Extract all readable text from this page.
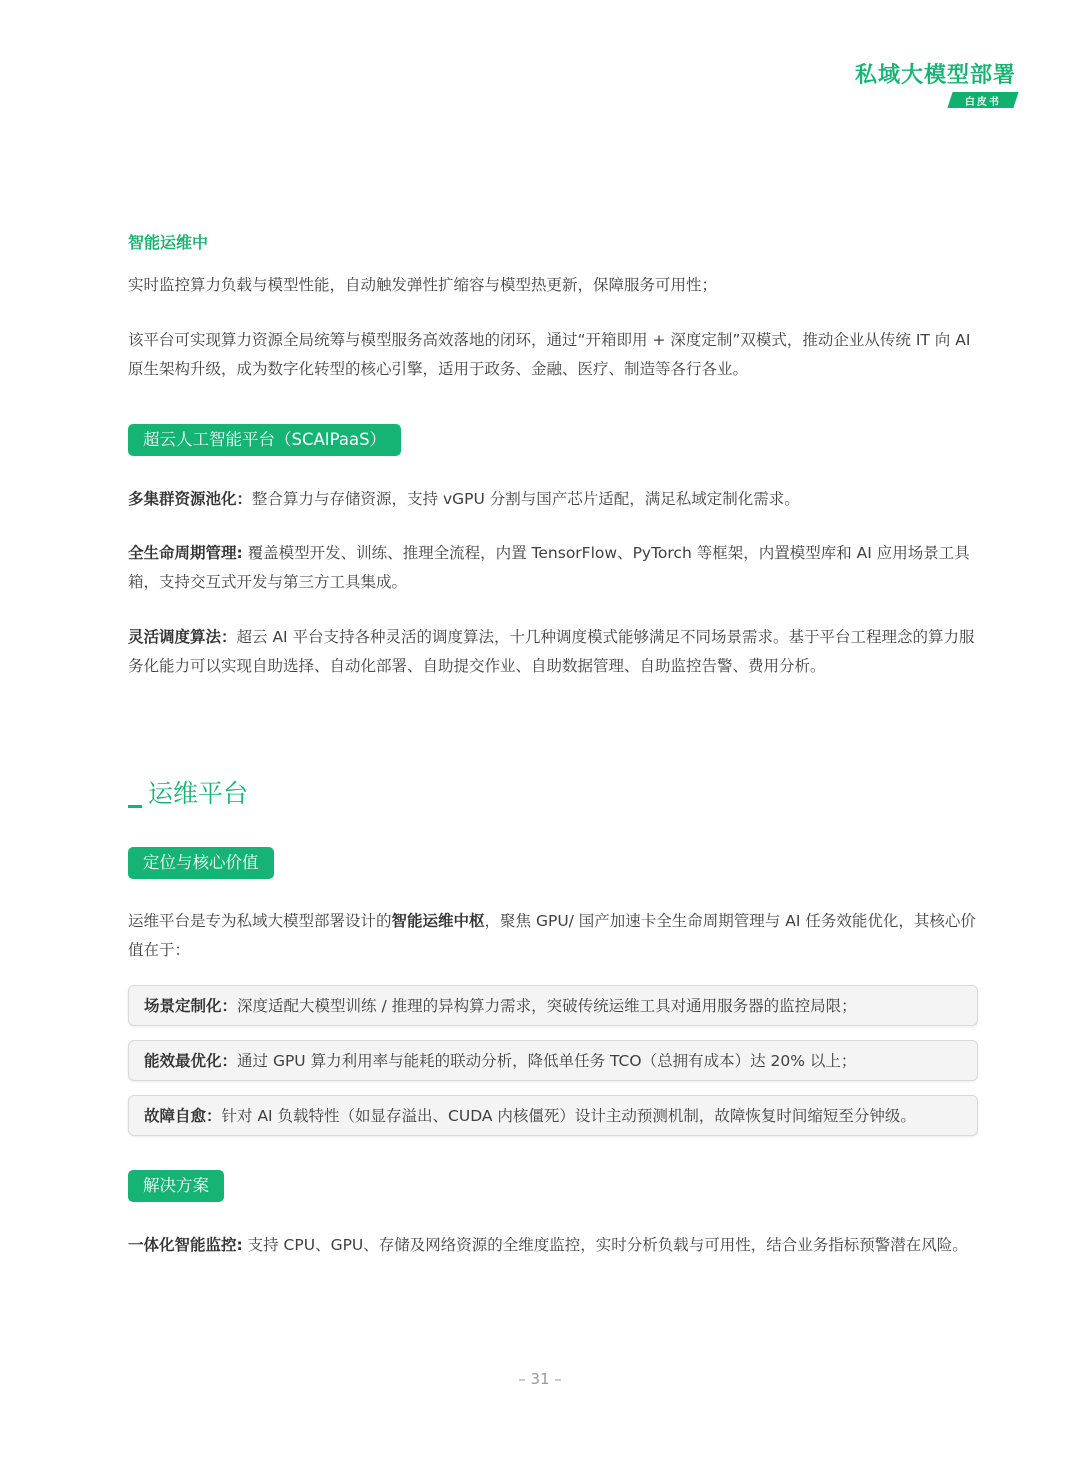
私域大模型部署
白皮书
智能运维中

实时监控算力负载与模型性能，自动触发弹性扩缩容与模型热更新，保障服务可用性；

该平台可实现算力资源全局统筹与模型服务高效落地的闭环，通过“开箱即用 + 深度定制”双模式，推动企业从传统 IT 向 AI 原生架构升级，成为数字化转型的核心引擎，适用于政务、金融、医疗、制造等各行各业。

超云人工智能平台（SCAIPaaS）

多集群资源池化：整合算力与存储资源，支持 vGPU 分割与国产芯片适配，满足私域定制化需求。

全生命周期管理: 覆盖模型开发、训练、推理全流程，内置 TensorFlow、PyTorch 等框架，内置模型库和 AI 应用场景工具箱，支持交互式开发与第三方工具集成。

灵活调度算法：超云 AI 平台支持各种灵活的调度算法，十几种调度模式能够满足不同场景需求。基于平台工程理念的算力服务化能力可以实现自助选择、自动化部署、自助提交作业、自助数据管理、自助监控告警、费用分析。

运维平台
定位与核心价值

运维平台是专为私域大模型部署设计的智能运维中枢，聚焦 GPU/ 国产加速卡全生命周期管理与 AI 任务效能优化，其核心价值在于：

场景定制化：深度适配大模型训练 / 推理的异构算力需求，突破传统运维工具对通用服务器的监控局限；
能效最优化：通过 GPU 算力利用率与能耗的联动分析，降低单任务 TCO（总拥有成本）达 20% 以上；
故障自愈：针对 AI 负载特性（如显存溢出、CUDA 内核僵死）设计主动预测机制，故障恢复时间缩短至分钟级。
解决方案

一体化智能监控: 支持 CPU、GPU、存储及网络资源的全维度监控，实时分析负载与可用性，结合业务指标预警潜在风险。

– 31 –
